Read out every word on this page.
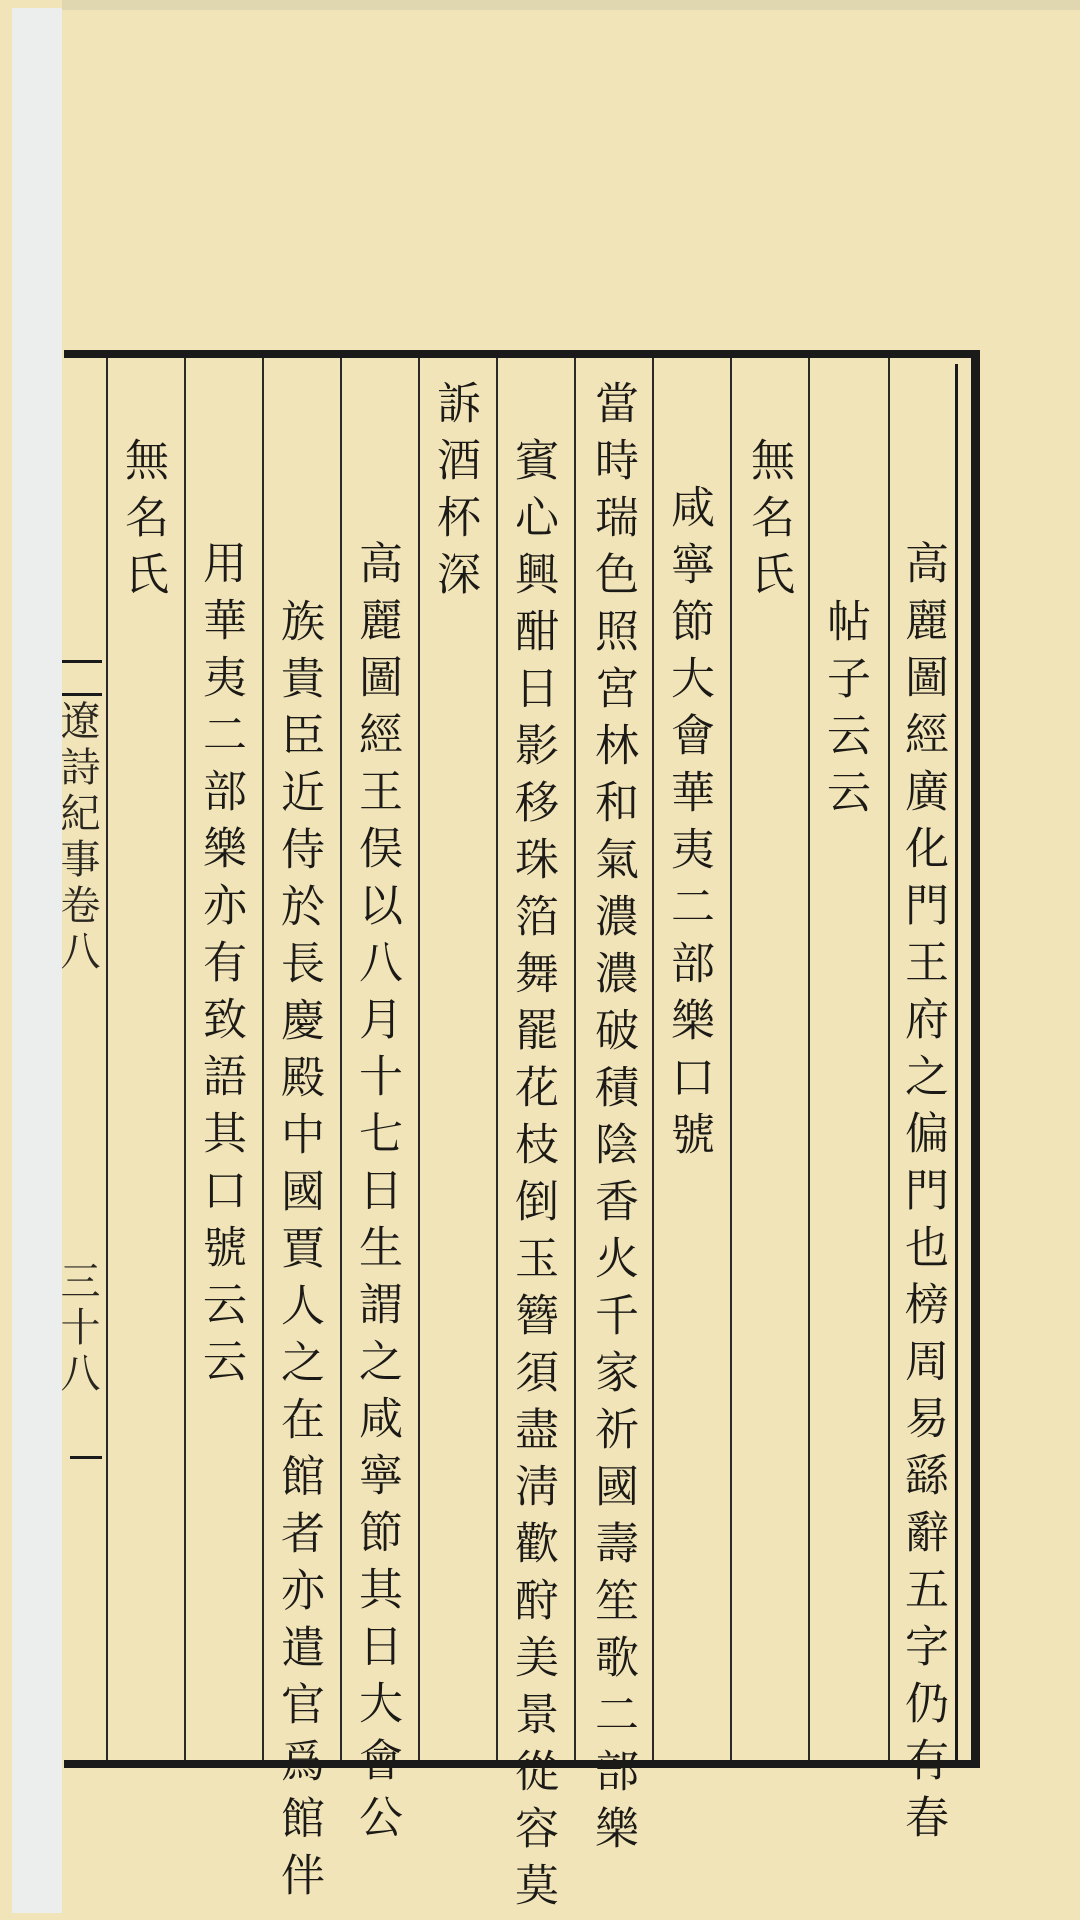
高麗圖經廣化門王府之偏門也榜周易繇辭五字仍有春
帖子云云
無名氏
咸寧節大會華夷二部樂口號
當時瑞色照宮林和氣濃濃破積陰香火千家祈國壽笙歌二部樂
賓心興酣日影移珠箔舞罷花枝倒玉簪須盡淸歡酧美景從容莫
訴酒杯深
高麗圖經王俣以八月十七日生謂之咸寧節其日大會公
族貴臣近侍於長慶殿中國賈人之在館者亦遣官爲館伴
用華夷二部樂亦有致語其口號云云
無名氏
遼詩紀事卷八
三十八
